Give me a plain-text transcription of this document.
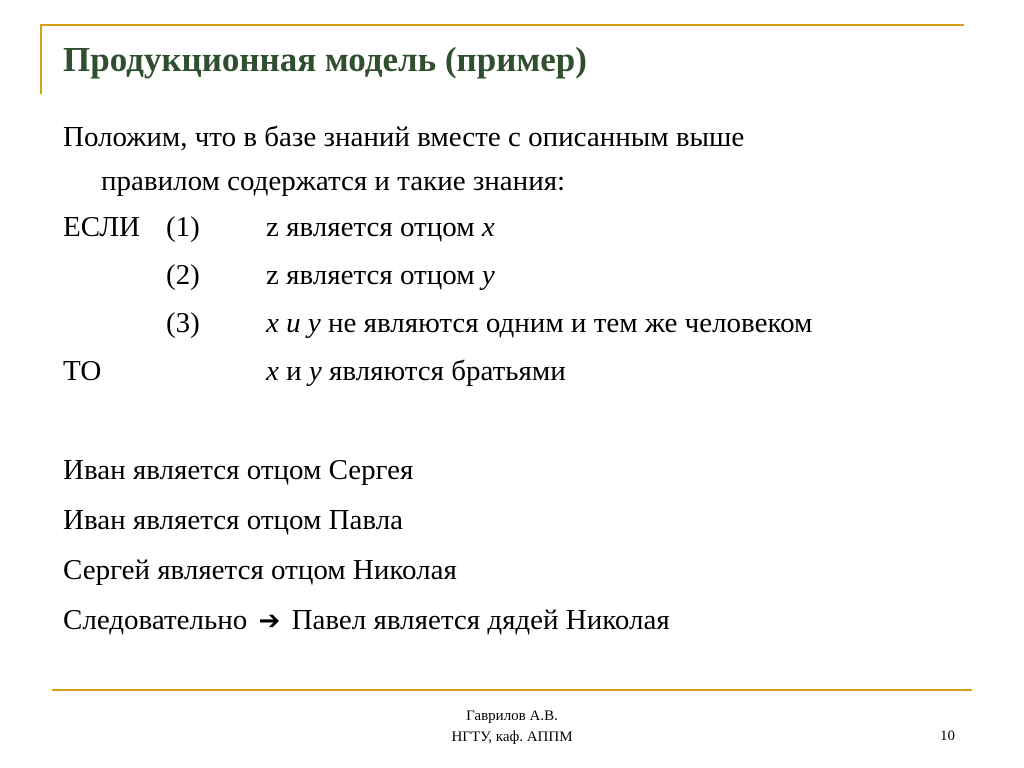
Продукционная модель (пример)

Положим, что в базе знаний вместе с описанным выше
правилом содержатся и такие знания:

ЕСЛИ (1) z является отцом x
(2) z является отцом y
(3) x и y не являются одним и тем же человеком
ТО	x и y являются братьями
Иван является отцом Сергея
Иван является отцом Павла
Сергей является отцом Николая
Следовательно ➔ Павел является дядей Николая
Гаврилов А.В.
НГТУ, каф. АППМ	10
